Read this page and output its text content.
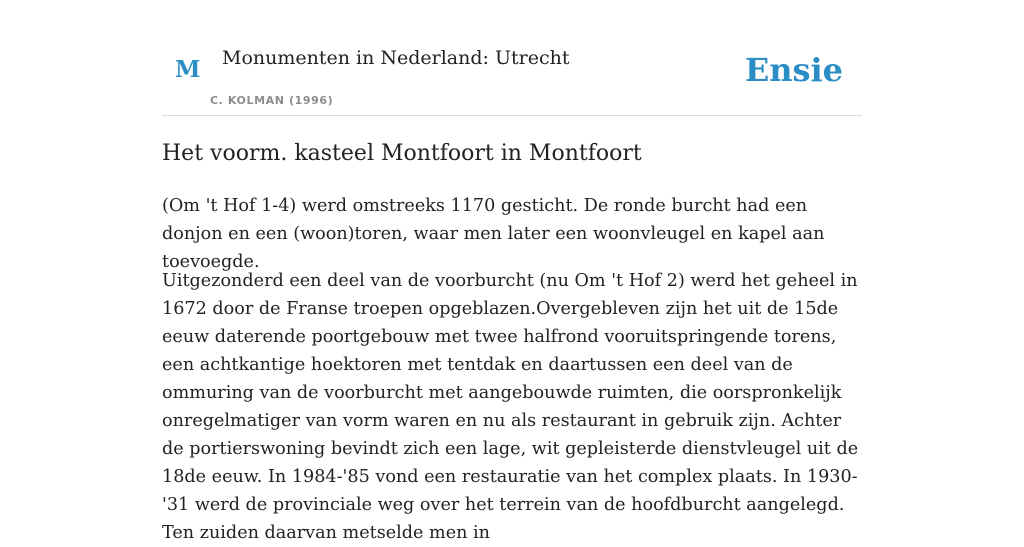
M Monumenten in Nederland: Utrecht
C. KOLMAN (1996)
Ensie
Het voorm. kasteel Montfoort in Montfoort

(Om 't Hof 1-4) werd omstreeks 1170 gesticht. De ronde burcht had een donjon en een (woon)toren, waar men later een woonvleugel en kapel aan toevoegde.

Uitgezonderd een deel van de voorburcht (nu Om 't Hof 2) werd het geheel in 1672 door de Franse troepen opgeblazen.Overgebleven zijn het uit de 15de eeuw daterende poortgebouw met twee halfrond vooruitspringende torens, een achtkantige hoektoren met tentdak en daartussen een deel van de ommuring van de voorburcht met aangebouwde ruimten, die oorspronkelijk onregelmatiger van vorm waren en nu als restaurant in gebruik zijn. Achter de portierswoning bevindt zich een lage, wit gepleisterde dienstvleugel uit de 18de eeuw. In 1984-'85 vond een restauratie van het complex plaats. In 1930-'31 werd de provinciale weg over het terrein van de hoofdburcht aangelegd. Ten zuiden daarvan metselde men in
